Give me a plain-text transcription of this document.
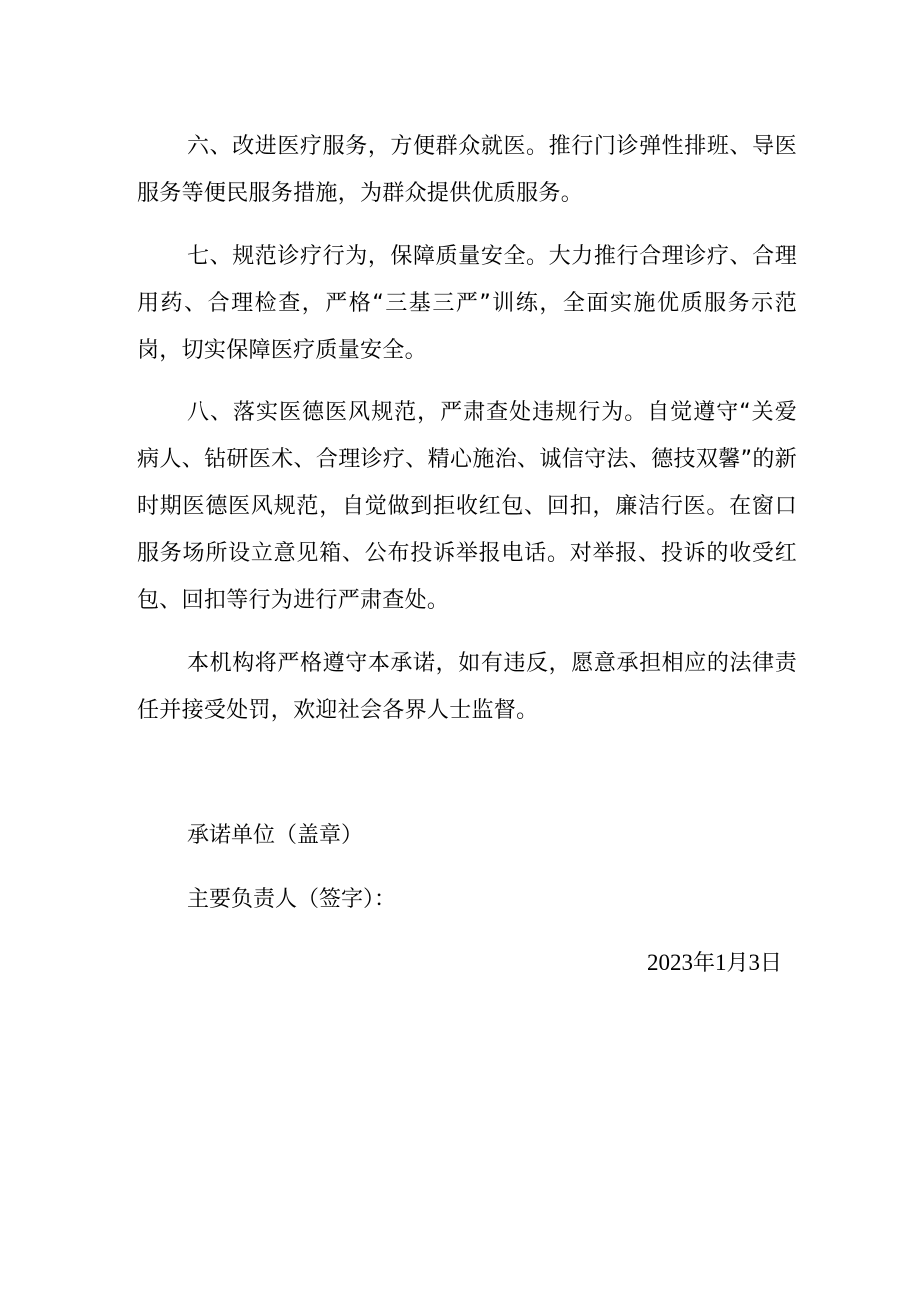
六、改进医疗服务，方便群众就医。推行门诊弹性排班、导医服务等便民服务措施，为群众提供优质服务。

七、规范诊疗行为，保障质量安全。大力推行合理诊疗、合理用药、合理检查，严格“三基三严”训练，全面实施优质服务示范岗，切实保障医疗质量安全。

八、落实医德医风规范，严肃查处违规行为。自觉遵守“关爱病人、钻研医术、合理诊疗、精心施治、诚信守法、德技双馨”的新时期医德医风规范，自觉做到拒收红包、回扣，廉洁行医。在窗口服务场所设立意见箱、公布投诉举报电话。对举报、投诉的收受红包、回扣等行为进行严肃查处。

本机构将严格遵守本承诺，如有违反，愿意承担相应的法律责任并接受处罚，欢迎社会各界人士监督。

承诺单位（盖章）

主要负责人（签字）：

2023年1月3日
